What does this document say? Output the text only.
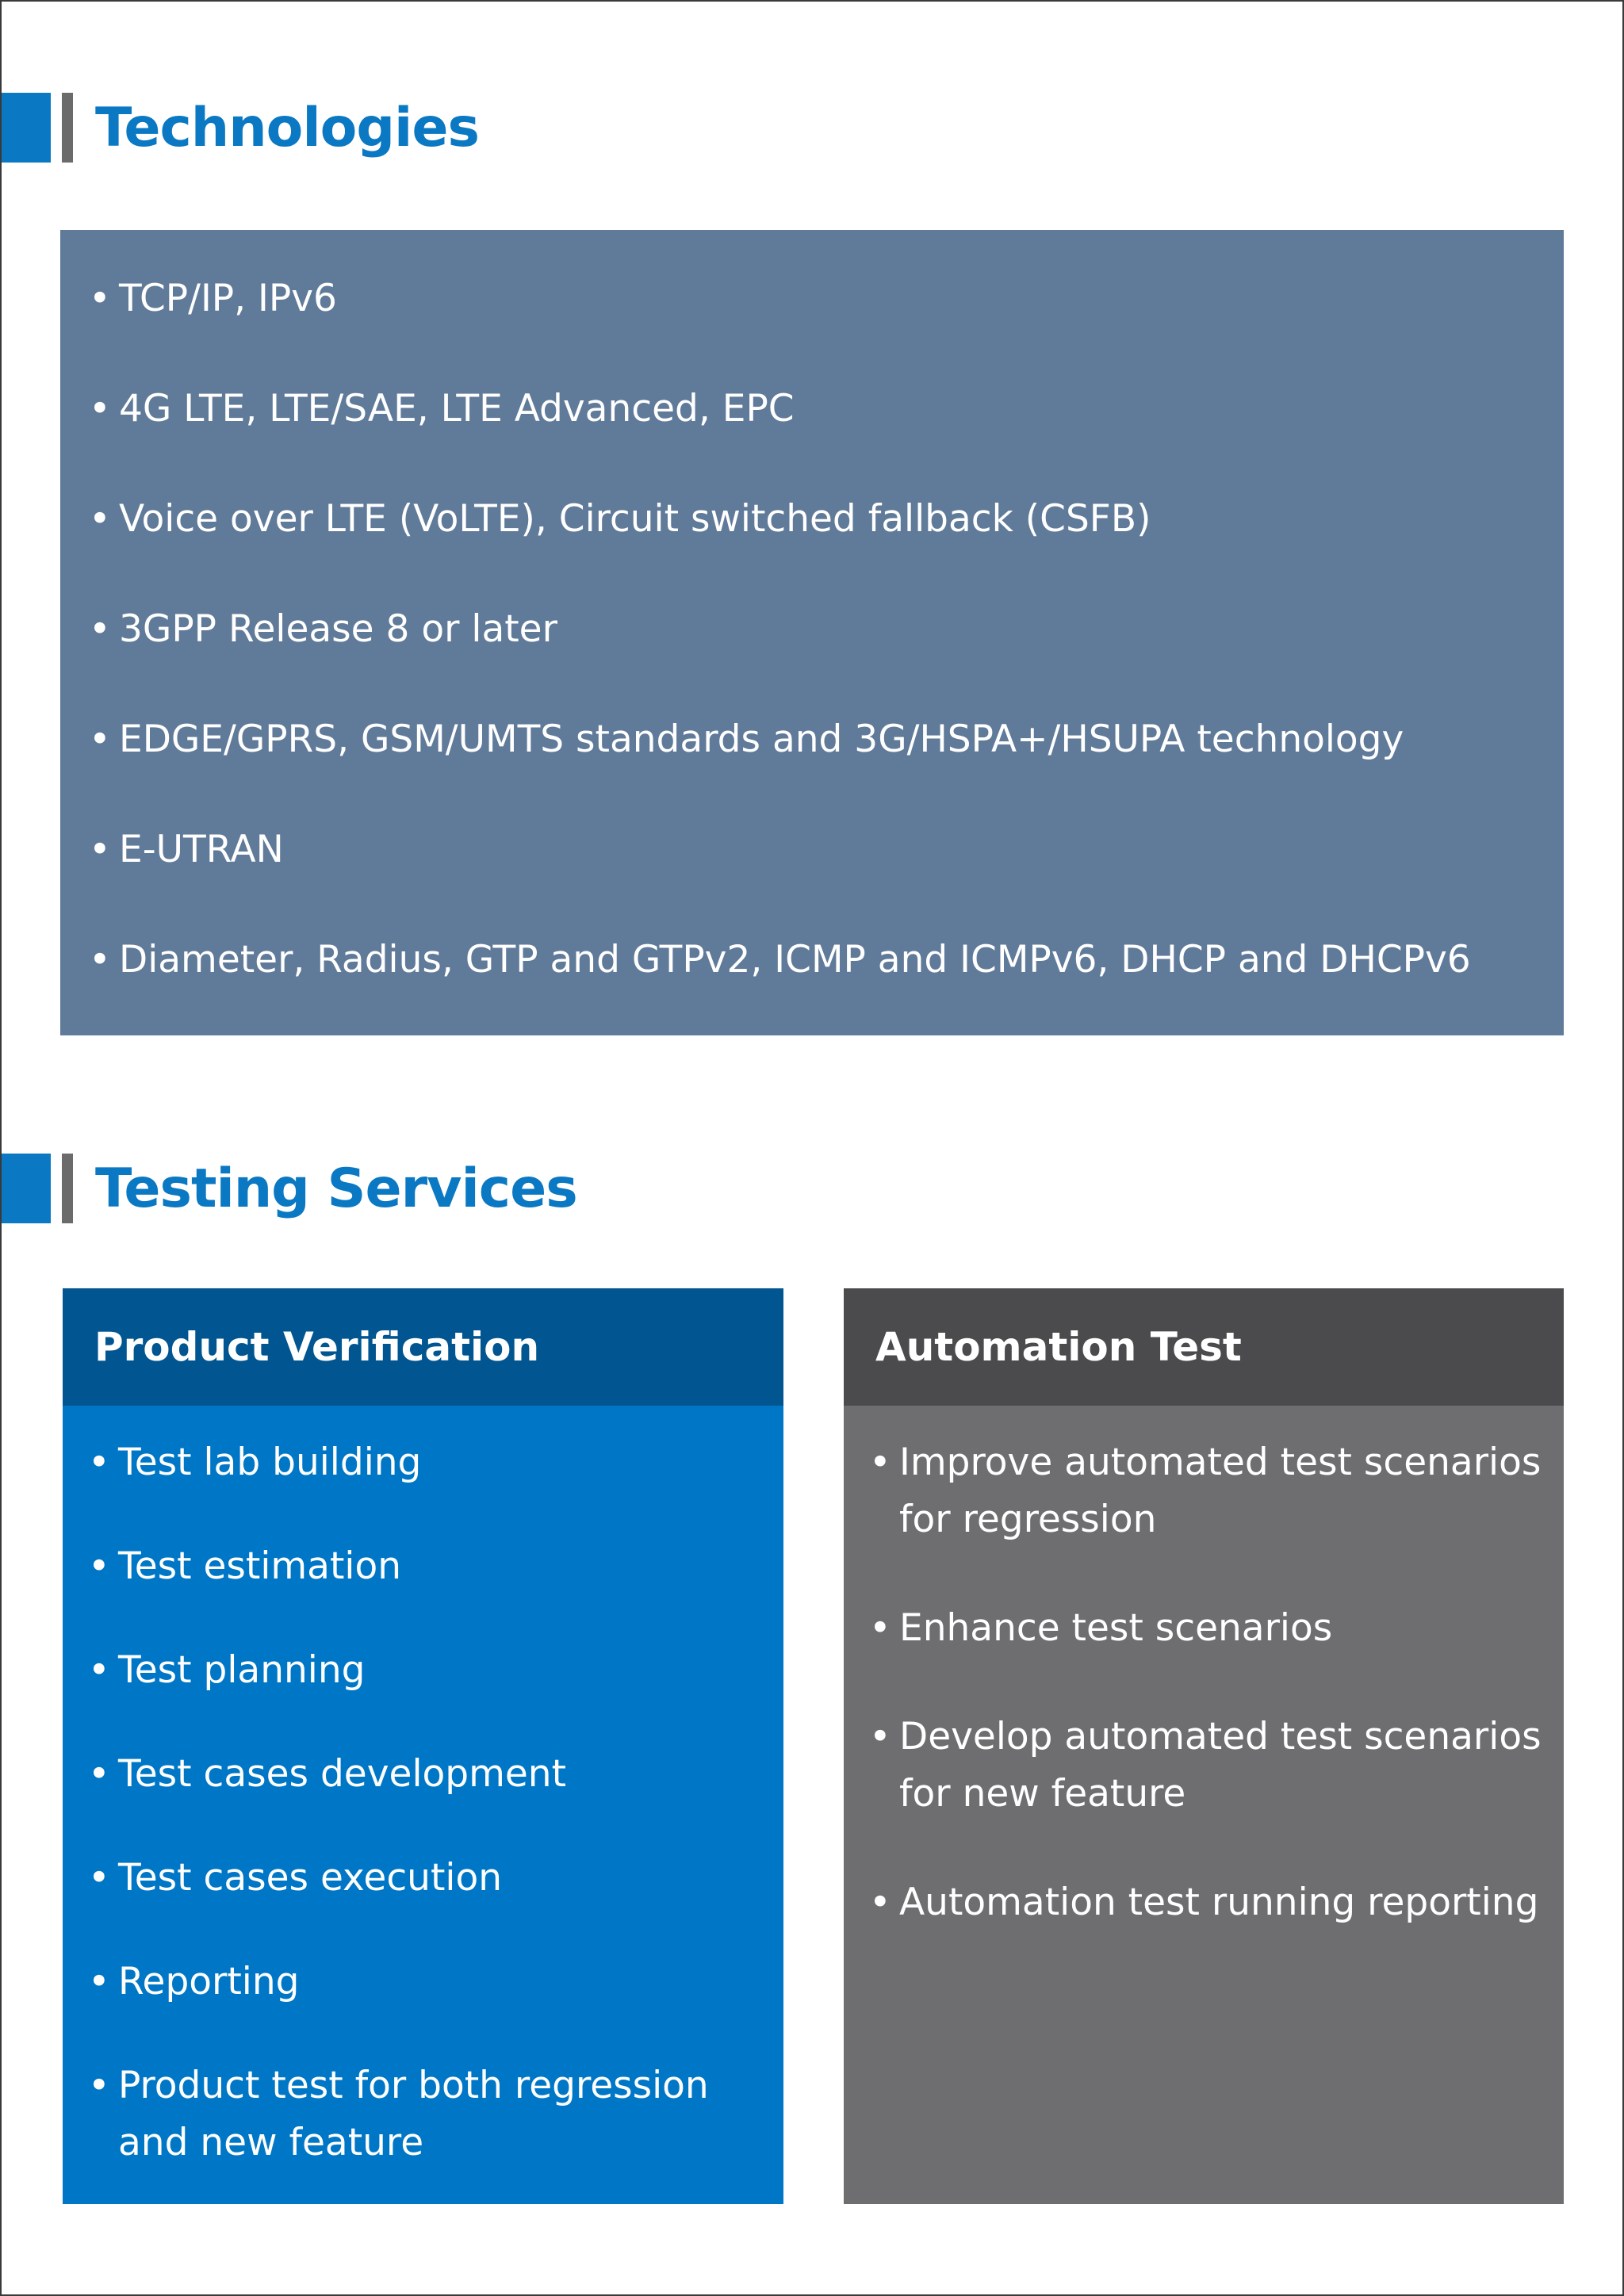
Technologies
• TCP/IP, IPv6
• 4G LTE, LTE/SAE, LTE Advanced, EPC
• Voice over LTE (VoLTE), Circuit switched fallback (CSFB)
• 3GPP Release 8 or later
• EDGE/GPRS, GSM/UMTS standards and 3G/HSPA+/HSUPA technology
• E-UTRAN
• Diameter, Radius, GTP and GTPv2, ICMP and ICMPv6, DHCP and DHCPv6
Testing Services
Product Verification
• Test lab building
• Test estimation
• Test planning
• Test cases development
• Test cases execution
• Reporting
• Product test for both regression and new feature
Automation Test
• Improve automated test scenarios for regression
• Enhance test scenarios
• Develop automated test scenarios for new feature
• Automation test running reporting
